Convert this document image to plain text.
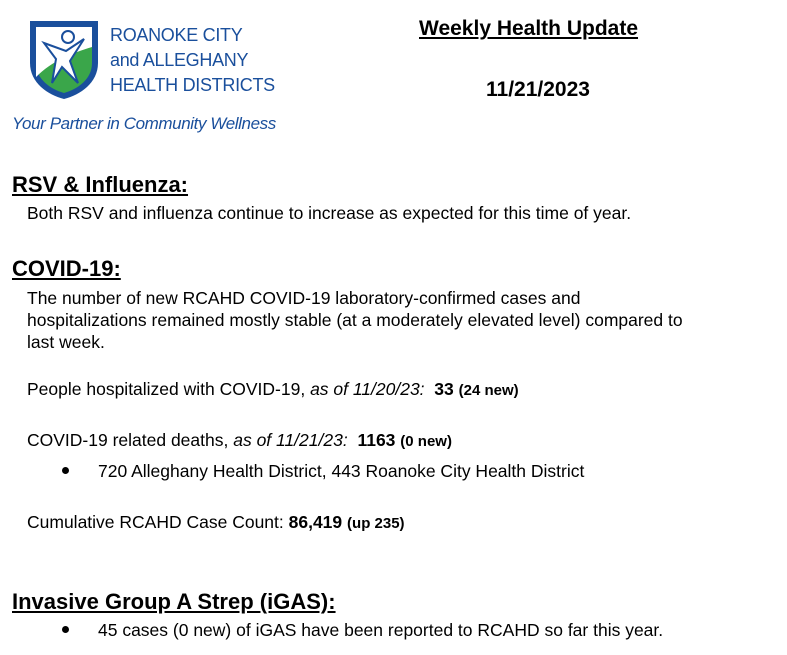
ROANOKE CITY
and ALLEGHANY
HEALTH DISTRICTS
Your Partner in Community Wellness
Weekly Health Update
11/21/2023
RSV & Influenza:
Both RSV and influenza continue to increase as expected for this time of year.
COVID-19:
The number of new RCAHD COVID-19 laboratory-confirmed cases and
hospitalizations remained mostly stable (at a moderately elevated level) compared to
last week.
People hospitalized with COVID-19, as of 11/20/23: 33 (24 new)
COVID-19 related deaths, as of 11/21/23: 1163 (0 new)
720 Alleghany Health District, 443 Roanoke City Health District
Cumulative RCAHD Case Count: 86,419 (up 235)
Invasive Group A Strep (iGAS):
45 cases (0 new) of iGAS have been reported to RCAHD so far this year.
